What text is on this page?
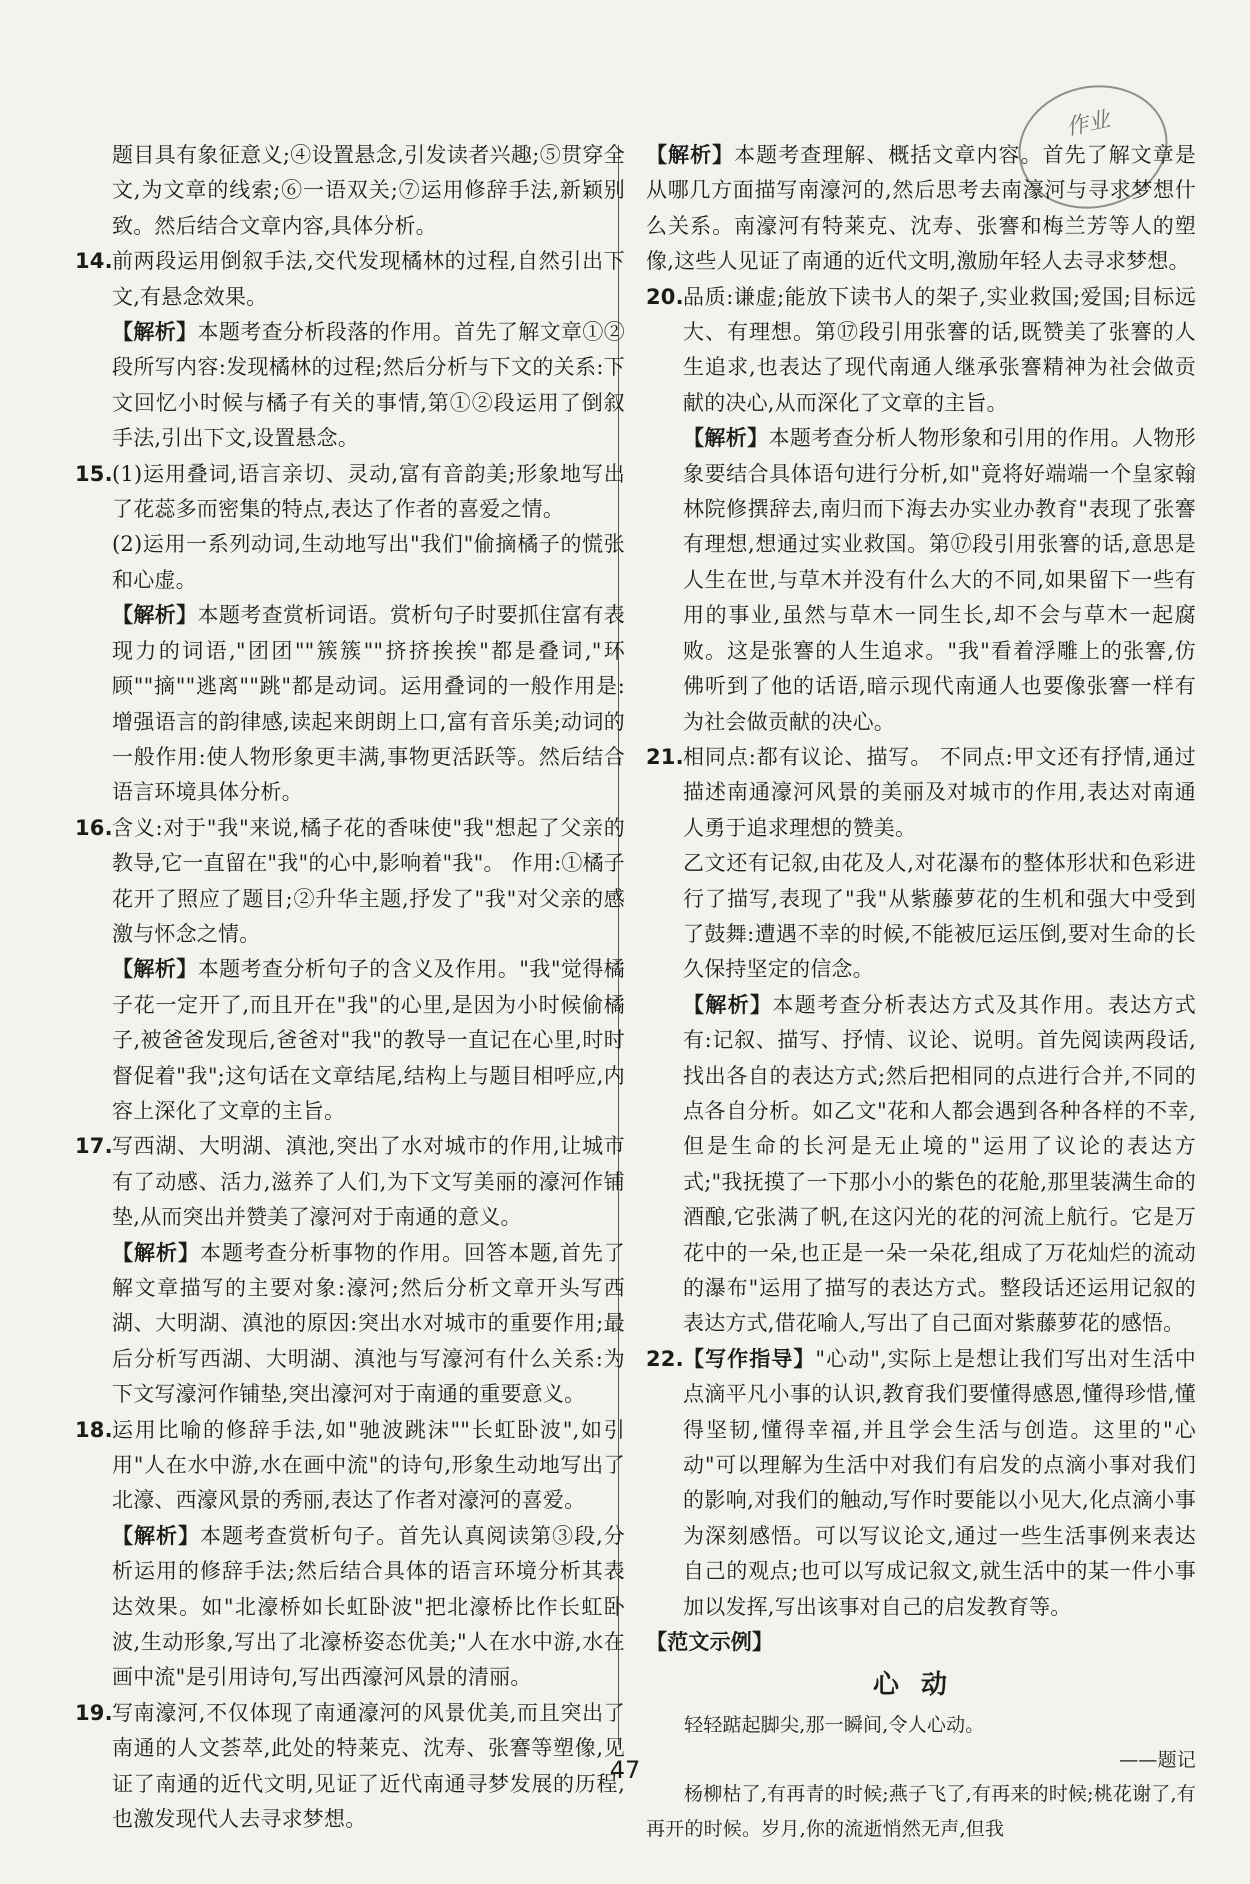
作业

题目具有象征意义;④设置悬念,引发读者兴趣;⑤贯穿全文,为文章的线索;⑥一语双关;⑦运用修辞手法,新颖别致。然后结合文章内容,具体分析。

14. 前两段运用倒叙手法,交代发现橘林的过程,自然引出下文,有悬念效果。

【解析】本题考查分析段落的作用。首先了解文章①②段所写内容:发现橘林的过程;然后分析与下文的关系:下文回忆小时候与橘子有关的事情,第①②段运用了倒叙手法,引出下文,设置悬念。

15. (1)运用叠词,语言亲切、灵动,富有音韵美;形象地写出了花蕊多而密集的特点,表达了作者的喜爱之情。

(2)运用一系列动词,生动地写出"我们"偷摘橘子的慌张和心虚。

【解析】本题考查赏析词语。赏析句子时要抓住富有表现力的词语,"团团""簇簇""挤挤挨挨"都是叠词,"环顾""摘""逃离""跳"都是动词。运用叠词的一般作用是:增强语言的韵律感,读起来朗朗上口,富有音乐美;动词的一般作用:使人物形象更丰满,事物更活跃等。然后结合语言环境具体分析。

16. 含义:对于"我"来说,橘子花的香味使"我"想起了父亲的教导,它一直留在"我"的心中,影响着"我"。 作用:①橘子花开了照应了题目;②升华主题,抒发了"我"对父亲的感激与怀念之情。

【解析】本题考查分析句子的含义及作用。"我"觉得橘子花一定开了,而且开在"我"的心里,是因为小时候偷橘子,被爸爸发现后,爸爸对"我"的教导一直记在心里,时时督促着"我";这句话在文章结尾,结构上与题目相呼应,内容上深化了文章的主旨。

17. 写西湖、大明湖、滇池,突出了水对城市的作用,让城市有了动感、活力,滋养了人们,为下文写美丽的濠河作铺垫,从而突出并赞美了濠河对于南通的意义。

【解析】本题考查分析事物的作用。回答本题,首先了解文章描写的主要对象:濠河;然后分析文章开头写西湖、大明湖、滇池的原因:突出水对城市的重要作用;最后分析写西湖、大明湖、滇池与写濠河有什么关系:为下文写濠河作铺垫,突出濠河对于南通的重要意义。

18. 运用比喻的修辞手法,如"驰波跳沫""长虹卧波",如引用"人在水中游,水在画中流"的诗句,形象生动地写出了北濠、西濠风景的秀丽,表达了作者对濠河的喜爱。

【解析】本题考查赏析句子。首先认真阅读第③段,分析运用的修辞手法;然后结合具体的语言环境分析其表达效果。如"北濠桥如长虹卧波"把北濠桥比作长虹卧波,生动形象,写出了北濠桥姿态优美;"人在水中游,水在画中流"是引用诗句,写出西濠河风景的清丽。

19. 写南濠河,不仅体现了南通濠河的风景优美,而且突出了南通的人文荟萃,此处的特莱克、沈寿、张謇等塑像,见证了南通的近代文明,见证了近代南通寻梦发展的历程,也激发现代人去寻求梦想。

【解析】本题考查理解、概括文章内容。首先了解文章是从哪几方面描写南濠河的,然后思考去南濠河与寻求梦想什么关系。南濠河有特莱克、沈寿、张謇和梅兰芳等人的塑像,这些人见证了南通的近代文明,激励年轻人去寻求梦想。

20. 品质:谦虚;能放下读书人的架子,实业救国;爱国;目标远大、有理想。第⑰段引用张謇的话,既赞美了张謇的人生追求,也表达了现代南通人继承张謇精神为社会做贡献的决心,从而深化了文章的主旨。

【解析】本题考查分析人物形象和引用的作用。人物形象要结合具体语句进行分析,如"竟将好端端一个皇家翰林院修撰辞去,南归而下海去办实业办教育"表现了张謇有理想,想通过实业救国。第⑰段引用张謇的话,意思是人生在世,与草木并没有什么大的不同,如果留下一些有用的事业,虽然与草木一同生长,却不会与草木一起腐败。这是张謇的人生追求。"我"看着浮雕上的张謇,仿佛听到了他的话语,暗示现代南通人也要像张謇一样有为社会做贡献的决心。

21. 相同点:都有议论、描写。 不同点:甲文还有抒情,通过描述南通濠河风景的美丽及对城市的作用,表达对南通人勇于追求理想的赞美。

乙文还有记叙,由花及人,对花瀑布的整体形状和色彩进行了描写,表现了"我"从紫藤萝花的生机和强大中受到了鼓舞:遭遇不幸的时候,不能被厄运压倒,要对生命的长久保持坚定的信念。

【解析】本题考查分析表达方式及其作用。表达方式有:记叙、描写、抒情、议论、说明。首先阅读两段话,找出各自的表达方式;然后把相同的点进行合并,不同的点各自分析。如乙文"花和人都会遇到各种各样的不幸,但是生命的长河是无止境的"运用了议论的表达方式;"我抚摸了一下那小小的紫色的花舱,那里装满生命的酒酿,它张满了帆,在这闪光的花的河流上航行。它是万花中的一朵,也正是一朵一朵花,组成了万花灿烂的流动的瀑布"运用了描写的表达方式。整段话还运用记叙的表达方式,借花喻人,写出了自己面对紫藤萝花的感悟。

22. 【写作指导】"心动",实际上是想让我们写出对生活中点滴平凡小事的认识,教育我们要懂得感恩,懂得珍惜,懂得坚韧,懂得幸福,并且学会生活与创造。这里的"心动"可以理解为生活中对我们有启发的点滴小事对我们的影响,对我们的触动,写作时要能以小见大,化点滴小事为深刻感悟。可以写议论文,通过一些生活事例来表达自己的观点;也可以写成记叙文,就生活中的某一件小事加以发挥,写出该事对自己的启发教育等。

【范文示例】

心动

轻轻踮起脚尖,那一瞬间,令人心动。

——题记

杨柳枯了,有再青的时候;燕子飞了,有再来的时候;桃花谢了,有再开的时候。岁月,你的流逝悄然无声,但我

47
